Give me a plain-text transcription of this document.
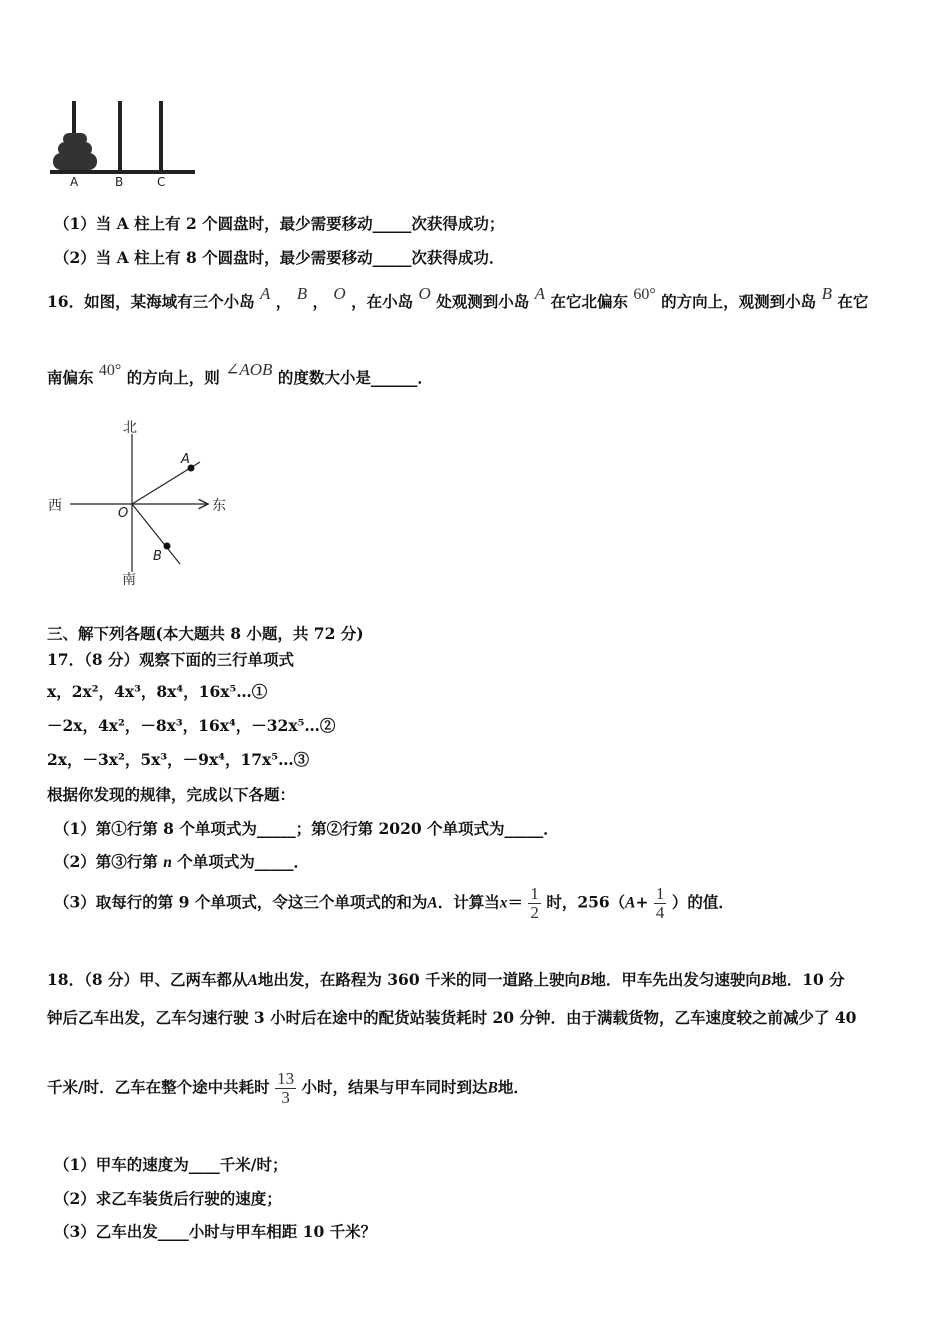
A	B	C
（1）当 A 柱上有 2 个圆盘时，最少需要移动_____次获得成功；
（2）当 A 柱上有 8 个圆盘时，最少需要移动_____次获得成功．
16．如图，某海域有三个小岛 A ， B ， O ，在小岛 O 处观测到小岛 A 在它北偏东 60° 的方向上，观测到小岛 B 在它
南偏东 40° 的方向上，则 ∠AOB 的度数大小是______．
北
南
西	东
O
A
B
三、解下列各题(本大题共 8 小题，共 72 分)
17．（8 分）观察下面的三行单项式
x，2x²，4x³，8x⁴，16x⁵…①
－2x，4x²，－8x³，16x⁴，－32x⁵…②
2x，－3x²，5x³，－9x⁴，17x⁵…③
根据你发现的规律，完成以下各题：
（1）第①行第 8 个单项式为_____；第②行第 2020 个单项式为_____．
（2）第③行第 n 个单项式为_____．
（3）取每行的第 9 个单项式，令这三个单项式的和为A．计算当$x= \frac{1}{2}$ 时，$256(A+ \frac{1}{4}$ ）的值．
18．（8 分）甲、乙两车都从A地出发，在路程为 360 千米的同一道路上驶向B地．甲车先出发匀速驶向B地．10 分
钟后乙车出发，乙车匀速行驶 3 小时后在途中的配货站装货耗时 20 分钟．由于满载货物，乙车速度较之前减少了 40
千米/时．乙车在整个途中共耗时 $\frac{13}{3}$ 小时，结果与甲车同时到达B地．
（1）甲车的速度为____千米/时；
（2）求乙车装货后行驶的速度；
（3）乙车出发____小时与甲车相距 10 千米？
